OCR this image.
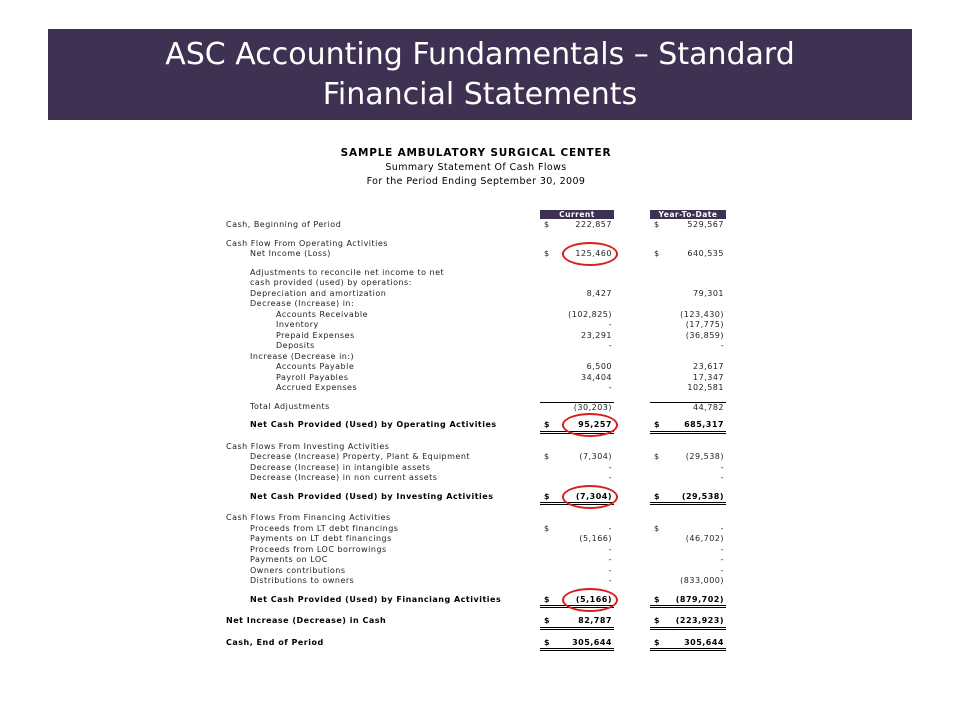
ASC Accounting Fundamentals – Standard
Financial Statements
SAMPLE AMBULATORY SURGICAL CENTER
Summary Statement Of Cash Flows
For the Period Ending September 30, 2009
Current	Year-To-Date
Cash, Beginning of Period	$	222,857	$	529,567
Cash Flow From Operating Activities
Net Income (Loss)	$	125,460	$	640,535
Adjustments to reconcile net income to net
cash provided (used) by operations:
Depreciation and amortization	8,427	79,301
Decrease (Increase) in:
Accounts Receivable	(102,825)	(123,430)
Inventory	-	(17,775)
Prepaid Expenses	23,291	(36,859)
Deposits	-	-
Increase (Decrease in:)
Accounts Payable	6,500	23,617
Payroll Payables	34,404	17,347
Accrued Expenses	-	102,581
Total Adjustments	(30,203)	44,782
Net Cash Provided (Used) by Operating Activities	$	95,257	$	685,317
Cash Flows From Investing Activities
Decrease (Increase) Property, Plant & Equipment	$	(7,304)	$	(29,538)
Decrease (Increase) in intangible assets	-	-
Decrease (Increase) in non current assets	-	-
Net Cash Provided (Used) by Investing Activities	$	(7,304)	$	(29,538)
Cash Flows From Financing Activities
Proceeds from LT debt financings	$	-	$	-
Payments on LT debt financings	(5,166)	(46,702)
Proceeds from LOC borrowings	-	-
Payments on LOC	-	-
Owners contributions	-	-
Distributions to owners	-	(833,000)
Net Cash Provided (Used) by Financiang Activities	$	(5,166)	$ (879,702)
Net Increase (Decrease) in Cash	$	82,787	$ (223,923)
Cash, End of Period	$	305,644	$	305,644
